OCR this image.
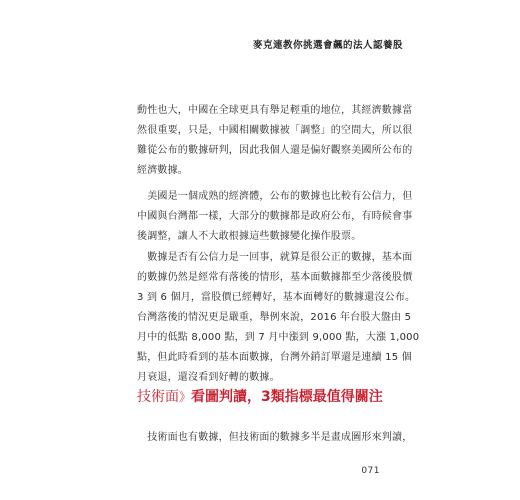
麥克連教你挑選會飆的法人認養股

動性也大，中國在全球更具有舉足輕重的地位，其經濟數據當
然很重要，只是，中國相關數據被「調整」的空間大，所以很
難從公布的數據研判，因此我個人還是偏好觀察美國所公布的
經濟數據。

　美國是一個成熟的經濟體，公布的數據也比較有公信力，但
中國與台灣都一樣，大部分的數據都是政府公布，有時候會事
後調整，讓人不大敢根據這些數據變化操作股票。

　數據是否有公信力是一回事，就算是很公正的數據，基本面
的數據仍然是經常有落後的情形，基本面數據都至少落後股價
3 到 6 個月，當股價已經轉好，基本面轉好的數據還沒公布。
台灣落後的情況更是嚴重，舉例來說，2016 年台股大盤由 5
月中的低點 8,000 點，到 7 月中漲到 9,000 點，大漲 1,000
點，但此時看到的基本面數據，台灣外銷訂單還是連續 15 個
月衰退，還沒看到好轉的數據。

技術面》看圖判讀，3類指標最值得關注

　技術面也有數據，但技術面的數據多半是畫成圖形來判讀，

071
